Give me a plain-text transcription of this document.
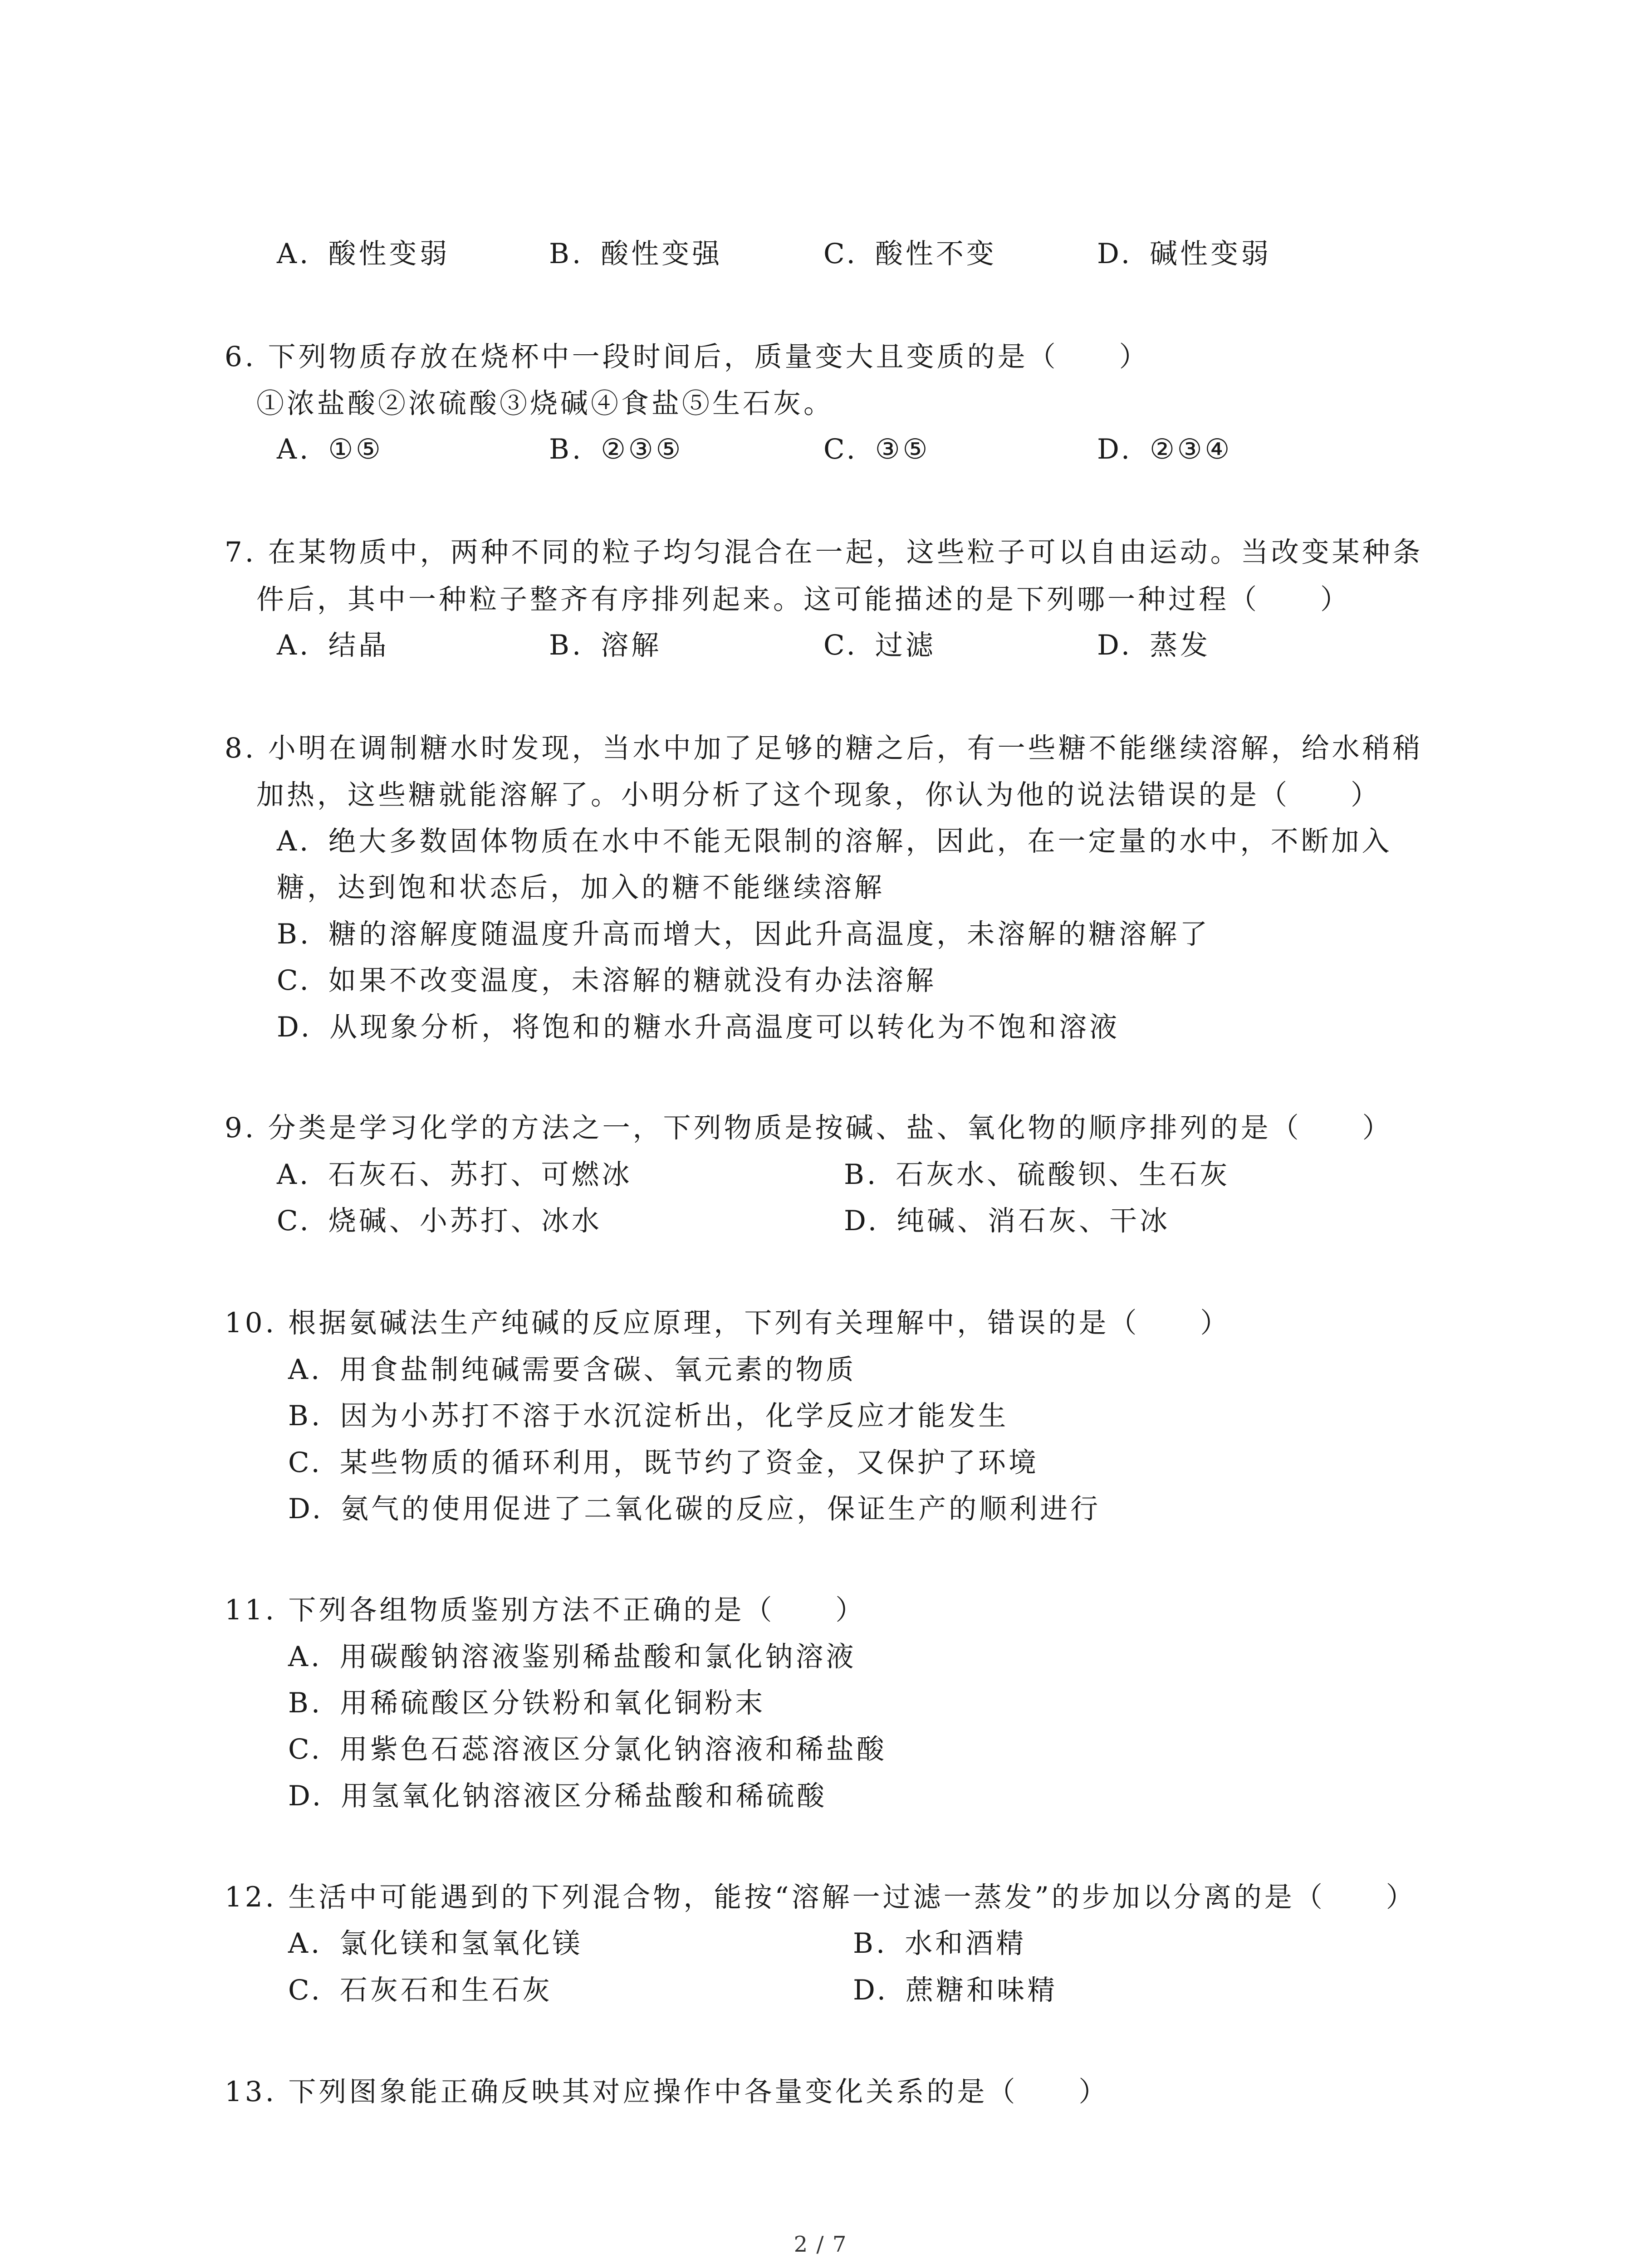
A. 酸性变弱	B. 酸性变强	C. 酸性不变	D. 碱性变弱
6. 下列物质存放在烧杯中一段时间后，质量变大且变质的是（　　）
①浓盐酸②浓硫酸③烧碱④食盐⑤生石灰。
A. ①⑤	B. ②③⑤	C. ③⑤	D. ②③④
7. 在某物质中，两种不同的粒子均匀混合在一起，这些粒子可以自由运动。当改变某种条
件后，其中一种粒子整齐有序排列起来。这可能描述的是下列哪一种过程（　　）
A. 结晶	B. 溶解	C. 过滤	D. 蒸发
8. 小明在调制糖水时发现，当水中加了足够的糖之后，有一些糖不能继续溶解，给水稍稍
加热，这些糖就能溶解了。小明分析了这个现象，你认为他的说法错误的是（　　）
A. 绝大多数固体物质在水中不能无限制的溶解，因此，在一定量的水中，不断加入
糖，达到饱和状态后，加入的糖不能继续溶解
B. 糖的溶解度随温度升高而增大，因此升高温度，未溶解的糖溶解了
C. 如果不改变温度，未溶解的糖就没有办法溶解
D. 从现象分析，将饱和的糖水升高温度可以转化为不饱和溶液
9. 分类是学习化学的方法之一，下列物质是按碱、盐、氧化物的顺序排列的是（　　）
A. 石灰石、苏打、可燃冰	B. 石灰水、硫酸钡、生石灰
C. 烧碱、小苏打、冰水	D. 纯碱、消石灰、干冰
10. 根据氨碱法生产纯碱的反应原理，下列有关理解中，错误的是（　　）
A. 用食盐制纯碱需要含碳、氧元素的物质
B. 因为小苏打不溶于水沉淀析出，化学反应才能发生
C. 某些物质的循环利用，既节约了资金，又保护了环境
D. 氨气的使用促进了二氧化碳的反应，保证生产的顺利进行
11. 下列各组物质鉴别方法不正确的是（　　）
A. 用碳酸钠溶液鉴别稀盐酸和氯化钠溶液
B. 用稀硫酸区分铁粉和氧化铜粉末
C. 用紫色石蕊溶液区分氯化钠溶液和稀盐酸
D. 用氢氧化钠溶液区分稀盐酸和稀硫酸
12. 生活中可能遇到的下列混合物，能按“溶解一过滤一蒸发”的步加以分离的是（　　）
A. 氯化镁和氢氧化镁	B. 水和酒精
C. 石灰石和生石灰	D. 蔗糖和味精
13. 下列图象能正确反映其对应操作中各量变化关系的是（　　）
2 / 7
